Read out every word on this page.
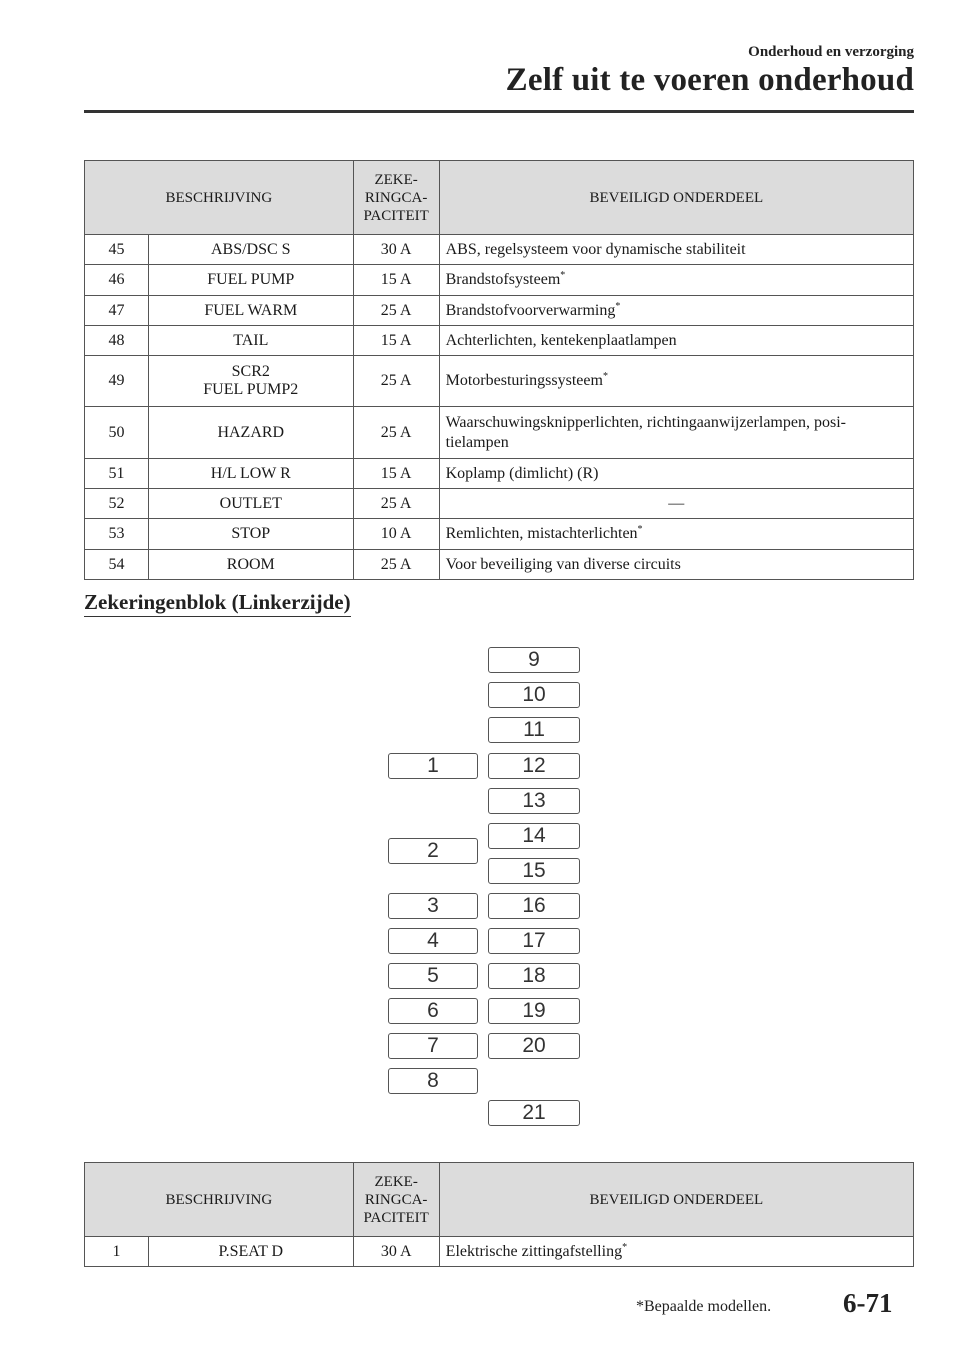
Onderhoud en verzorging
Zelf uit te voeren onderhoud
BESCHRIJVING		ZEKE-
RINGCA-
PACITEIT	BEVEILIGD ONDERDEEL
45	ABS/DSC S	30 A	ABS, regelsysteem voor dynamische stabiliteit
46	FUEL PUMP	15 A	Brandstofsysteem*
47	FUEL WARM	25 A	Brandstofvoorverwarming*
48	TAIL	15 A	Achterlichten, kentekenplaatlampen
49	SCR2
FUEL PUMP2	25 A	Motorbesturingssysteem*
50	HAZARD	25 A	Waarschuwingsknipperlichten, richtingaanwijzerlampen, posi-
tielampen
51	H/L LOW R	15 A	Koplamp (dimlicht) (R)
52	OUTLET	25 A	—
53	STOP	10 A	Remlichten, mistachterlichten*
54	ROOM	25 A	Voor beveiliging van diverse circuits
Zekeringenblok (Linkerzijde)
1
2
3
4
5
6
7
8
9
10
11
12
13
14
15
16
17
18
19
20
21
BESCHRIJVING		ZEKE-
RINGCA-
PACITEIT	BEVEILIGD ONDERDEEL
1	P.SEAT D	30 A	Elektrische zittingafstelling*
*Bepaalde modellen.	6-71
